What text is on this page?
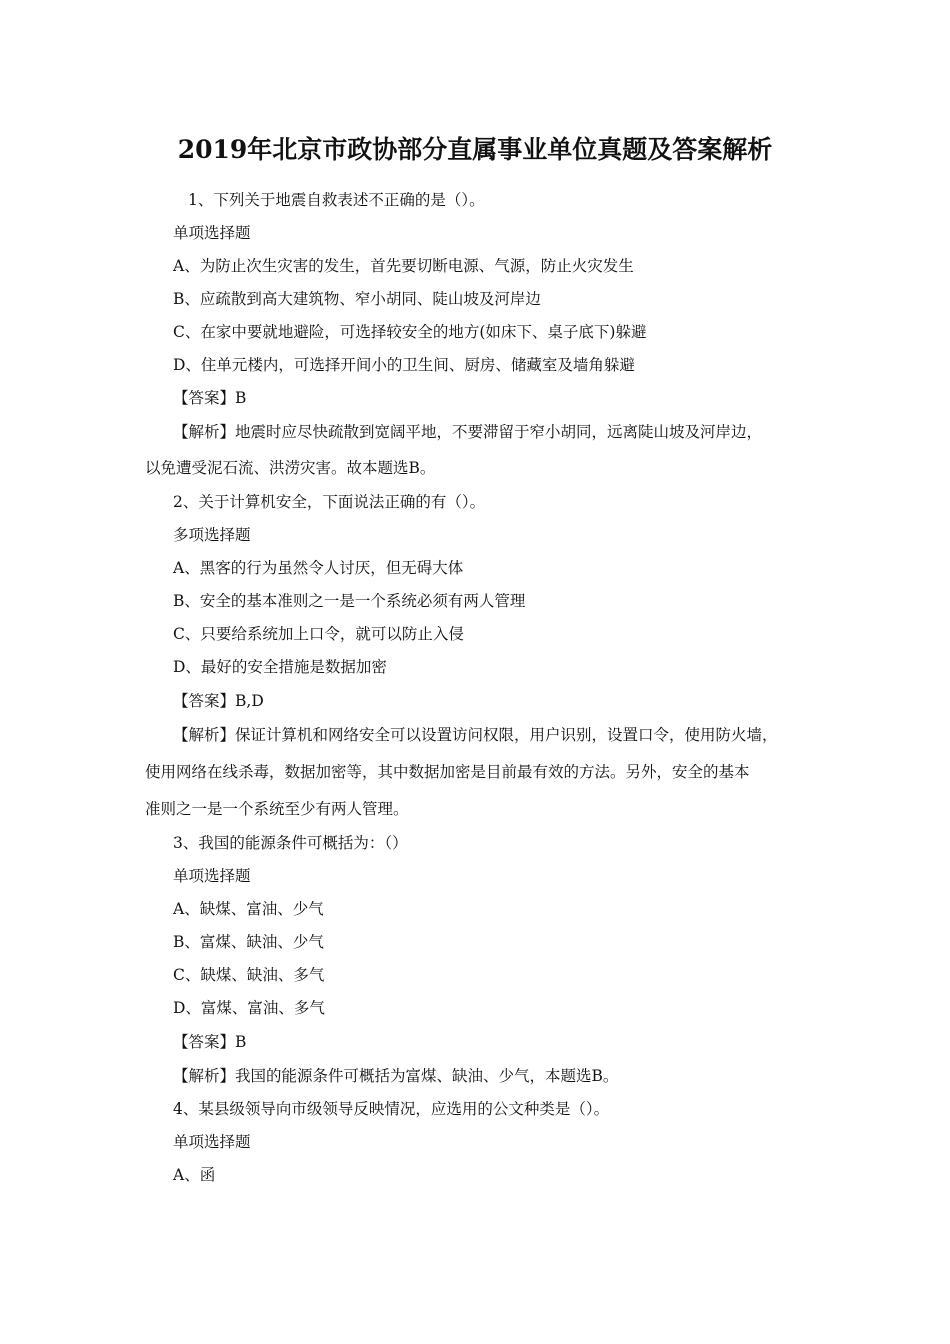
2019年北京市政协部分直属事业单位真题及答案解析
1、下列关于地震自救表述不正确的是（）。
单项选择题
A、为防止次生灾害的发生，首先要切断电源、气源，防止火灾发生
B、应疏散到高大建筑物、窄小胡同、陡山坡及河岸边
C、在家中要就地避险，可选择较安全的地方(如床下、桌子底下)躲避
D、住单元楼内，可选择开间小的卫生间、厨房、储藏室及墙角躲避
【答案】B
【解析】地震时应尽快疏散到宽阔平地，不要滞留于窄小胡同，远离陡山坡及河岸边，
以免遭受泥石流、洪涝灾害。故本题选B。
2、关于计算机安全，下面说法正确的有（）。
多项选择题
A、黑客的行为虽然令人讨厌，但无碍大体
B、安全的基本准则之一是一个系统必须有两人管理
C、只要给系统加上口令，就可以防止入侵
D、最好的安全措施是数据加密
【答案】B,D
【解析】保证计算机和网络安全可以设置访问权限，用户识别，设置口令，使用防火墙，
使用网络在线杀毒，数据加密等，其中数据加密是目前最有效的方法。另外，安全的基本
准则之一是一个系统至少有两人管理。
3、我国的能源条件可概括为：（）
单项选择题
A、缺煤、富油、少气
B、富煤、缺油、少气
C、缺煤、缺油、多气
D、富煤、富油、多气
【答案】B
【解析】我国的能源条件可概括为富煤、缺油、少气，本题选B。
4、某县级领导向市级领导反映情况，应选用的公文种类是（）。
单项选择题
A、函
